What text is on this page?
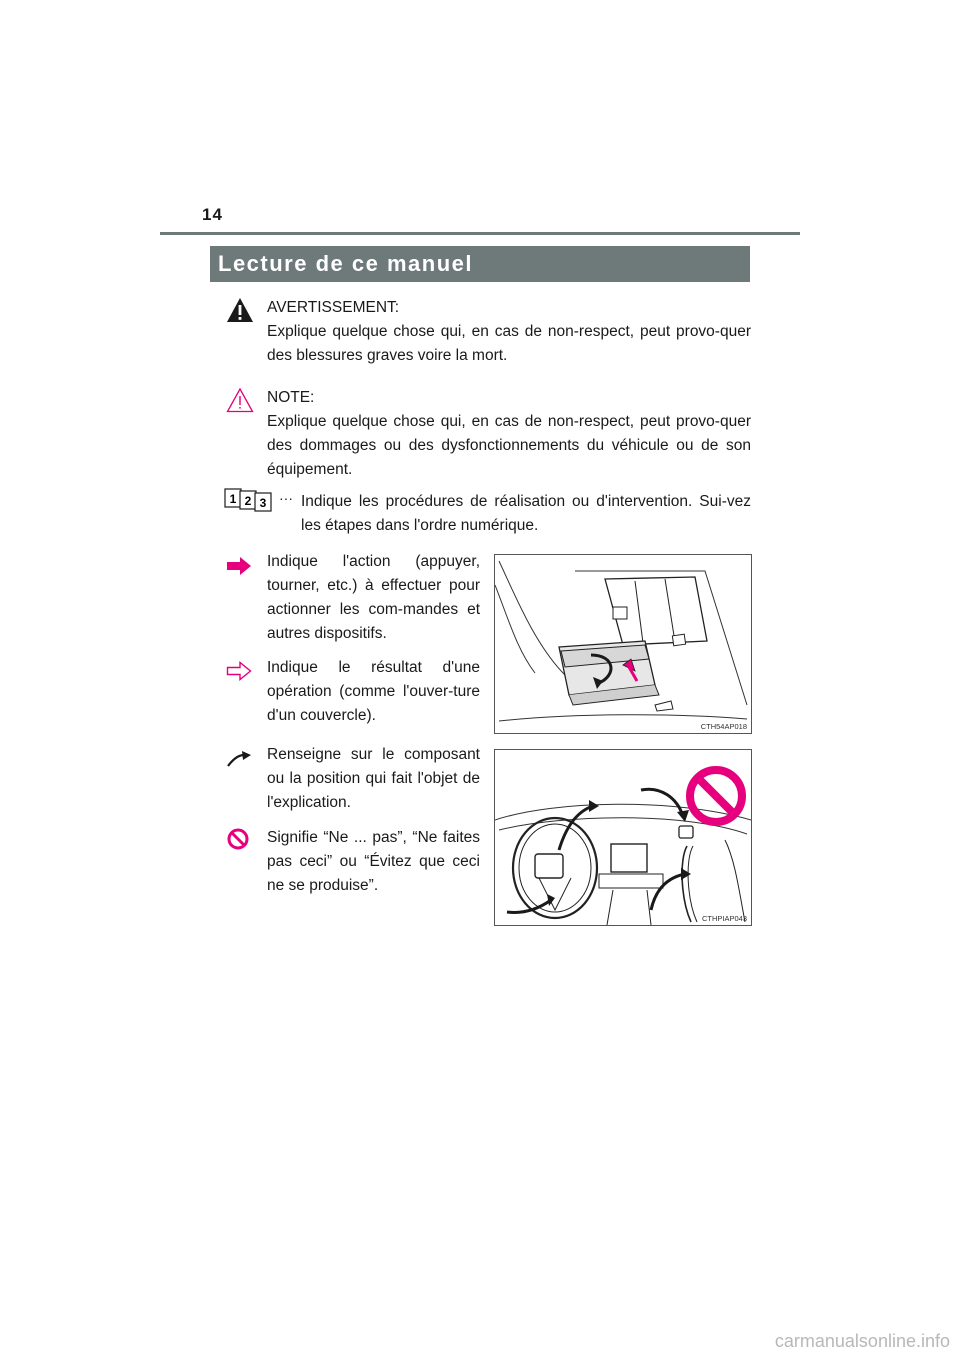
14
Lecture de ce manuel
AVERTISSEMENT:
Explique quelque chose qui, en cas de non-respect, peut provo-quer des blessures graves voire la mort.
NOTE:
Explique quelque chose qui, en cas de non-respect, peut provo-quer des dommages ou des dysfonctionnements du véhicule ou de son équipement.
1 2 3 ··· Indique les procédures de réalisation ou d'intervention. Sui-vez les étapes dans l'ordre numérique.
Indique l'action (appuyer, tourner, etc.) à effectuer pour actionner les com-mandes et autres dispositifs.
Indique le résultat d'une opération (comme l'ouver-ture d'un couvercle).
Renseigne sur le composant ou la position qui fait l'objet de l'explication.
Signifie “Ne ... pas”, “Ne faites pas ceci” ou “Évitez que ceci ne se produise”.
CTH54AP018
CTHPIAP043
carmanualsonline.info
